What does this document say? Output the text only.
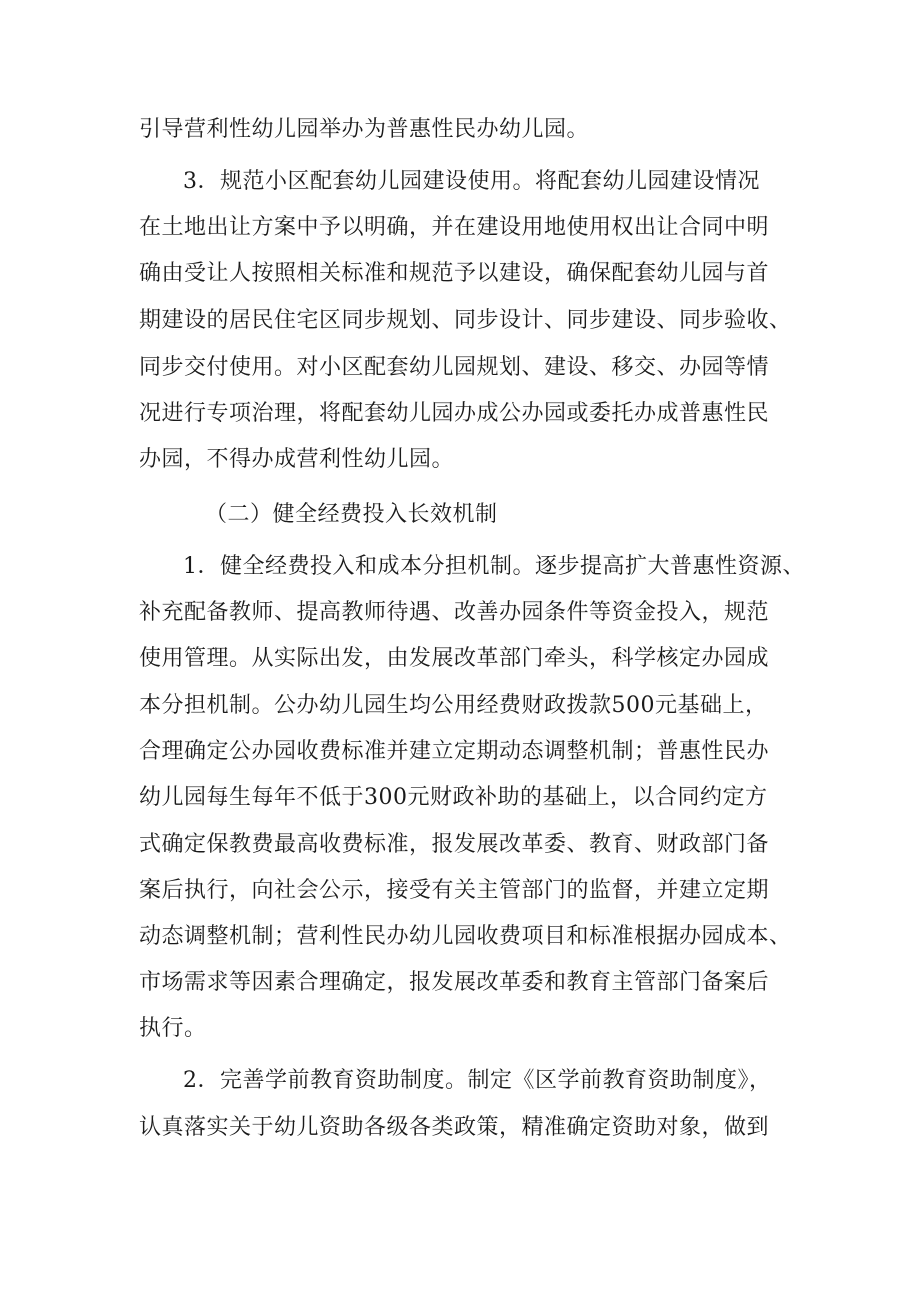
引导营利性幼儿园举办为普惠性民办幼儿园。
3．规范小区配套幼儿园建设使用。将配套幼儿园建设情况
在土地出让方案中予以明确，并在建设用地使用权出让合同中明
确由受让人按照相关标准和规范予以建设，确保配套幼儿园与首
期建设的居民住宅区同步规划、同步设计、同步建设、同步验收、
同步交付使用。对小区配套幼儿园规划、建设、移交、办园等情
况进行专项治理，将配套幼儿园办成公办园或委托办成普惠性民
办园，不得办成营利性幼儿园。
（二）健全经费投入长效机制
1．健全经费投入和成本分担机制。逐步提高扩大普惠性资源、
补充配备教师、提高教师待遇、改善办园条件等资金投入，规范
使用管理。从实际出发，由发展改革部门牵头，科学核定办园成
本分担机制。公办幼儿园生均公用经费财政拨款500元基础上，
合理确定公办园收费标准并建立定期动态调整机制；普惠性民办
幼儿园每生每年不低于300元财政补助的基础上，以合同约定方
式确定保教费最高收费标准，报发展改革委、教育、财政部门备
案后执行，向社会公示，接受有关主管部门的监督，并建立定期
动态调整机制；营利性民办幼儿园收费项目和标准根据办园成本、
市场需求等因素合理确定，报发展改革委和教育主管部门备案后
执行。
2．完善学前教育资助制度。制定《区学前教育资助制度》，
认真落实关于幼儿资助各级各类政策，精准确定资助对象，做到
